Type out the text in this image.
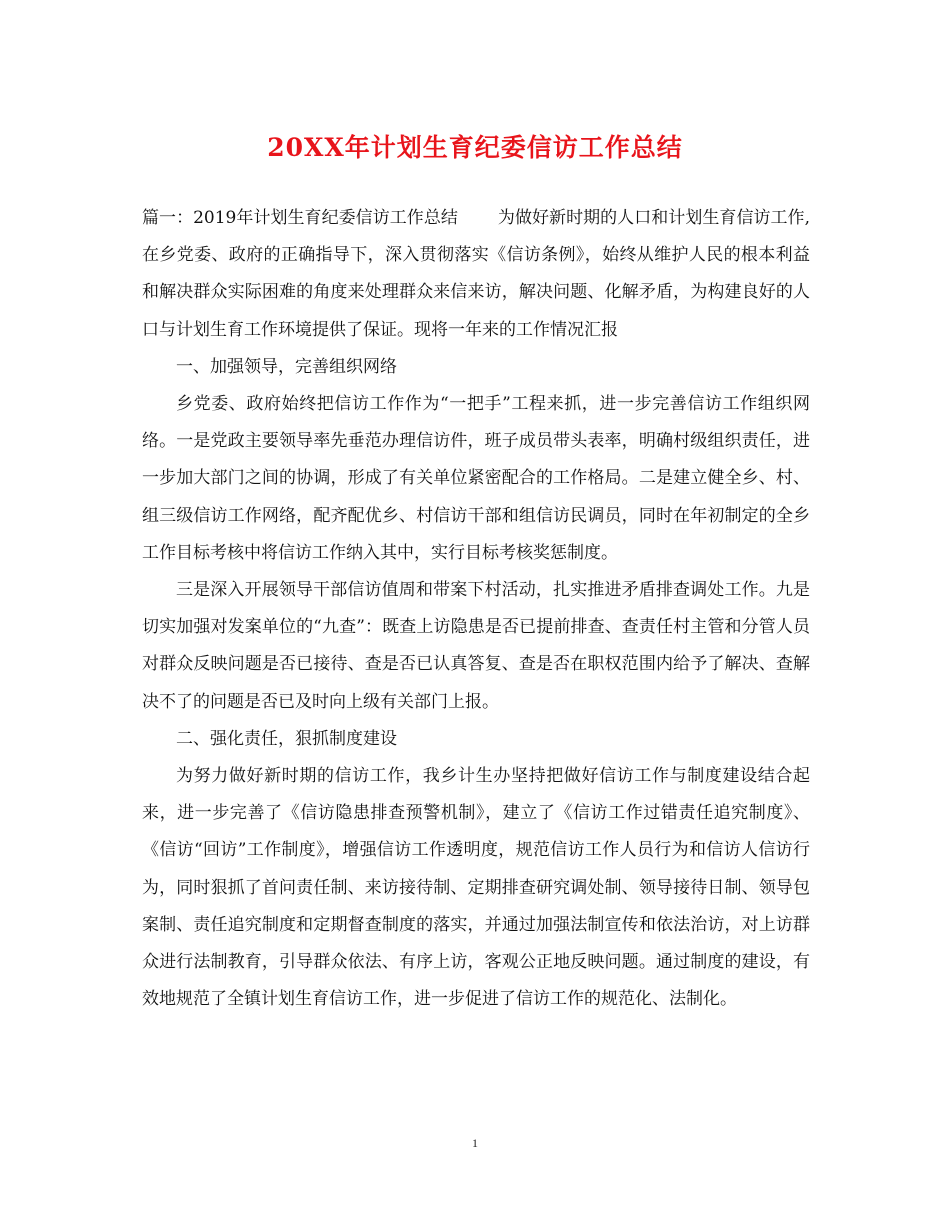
20XX年计划生育纪委信访工作总结

篇一：2019年计划生育纪委信访工作总结 为做好新时期的人口和计划生育信访工作,在乡党委、政府的正确指导下，深入贯彻落实《信访条例》，始终从维护人民的根本利益和解决群众实际困难的角度来处理群众来信来访，解决问题、化解矛盾，为构建良好的人口与计划生育工作环境提供了保证。现将一年来的工作情况汇报

一、加强领导，完善组织网络

乡党委、政府始终把信访工作作为“一把手”工程来抓，进一步完善信访工作组织网络。一是党政主要领导率先垂范办理信访件，班子成员带头表率，明确村级组织责任，进一步加大部门之间的协调，形成了有关单位紧密配合的工作格局。二是建立健全乡、村、组三级信访工作网络，配齐配优乡、村信访干部和组信访民调员，同时在年初制定的全乡工作目标考核中将信访工作纳入其中，实行目标考核奖惩制度。

三是深入开展领导干部信访值周和带案下村活动，扎实推进矛盾排查调处工作。九是切实加强对发案单位的“九查”：既查上访隐患是否已提前排查、查责任村主管和分管人员对群众反映问题是否已接待、查是否已认真答复、查是否在职权范围内给予了解决、查解决不了的问题是否已及时向上级有关部门上报。

二、强化责任，狠抓制度建设

为努力做好新时期的信访工作，我乡计生办坚持把做好信访工作与制度建设结合起来，进一步完善了《信访隐患排查预警机制》，建立了《信访工作过错责任追究制度》、《信访“回访”工作制度》，增强信访工作透明度，规范信访工作人员行为和信访人信访行为，同时狠抓了首问责任制、来访接待制、定期排查研究调处制、领导接待日制、领导包案制、责任追究制度和定期督查制度的落实，并通过加强法制宣传和依法治访，对上访群众进行法制教育，引导群众依法、有序上访，客观公正地反映问题。通过制度的建设，有效地规范了全镇计划生育信访工作，进一步促进了信访工作的规范化、法制化。

1
